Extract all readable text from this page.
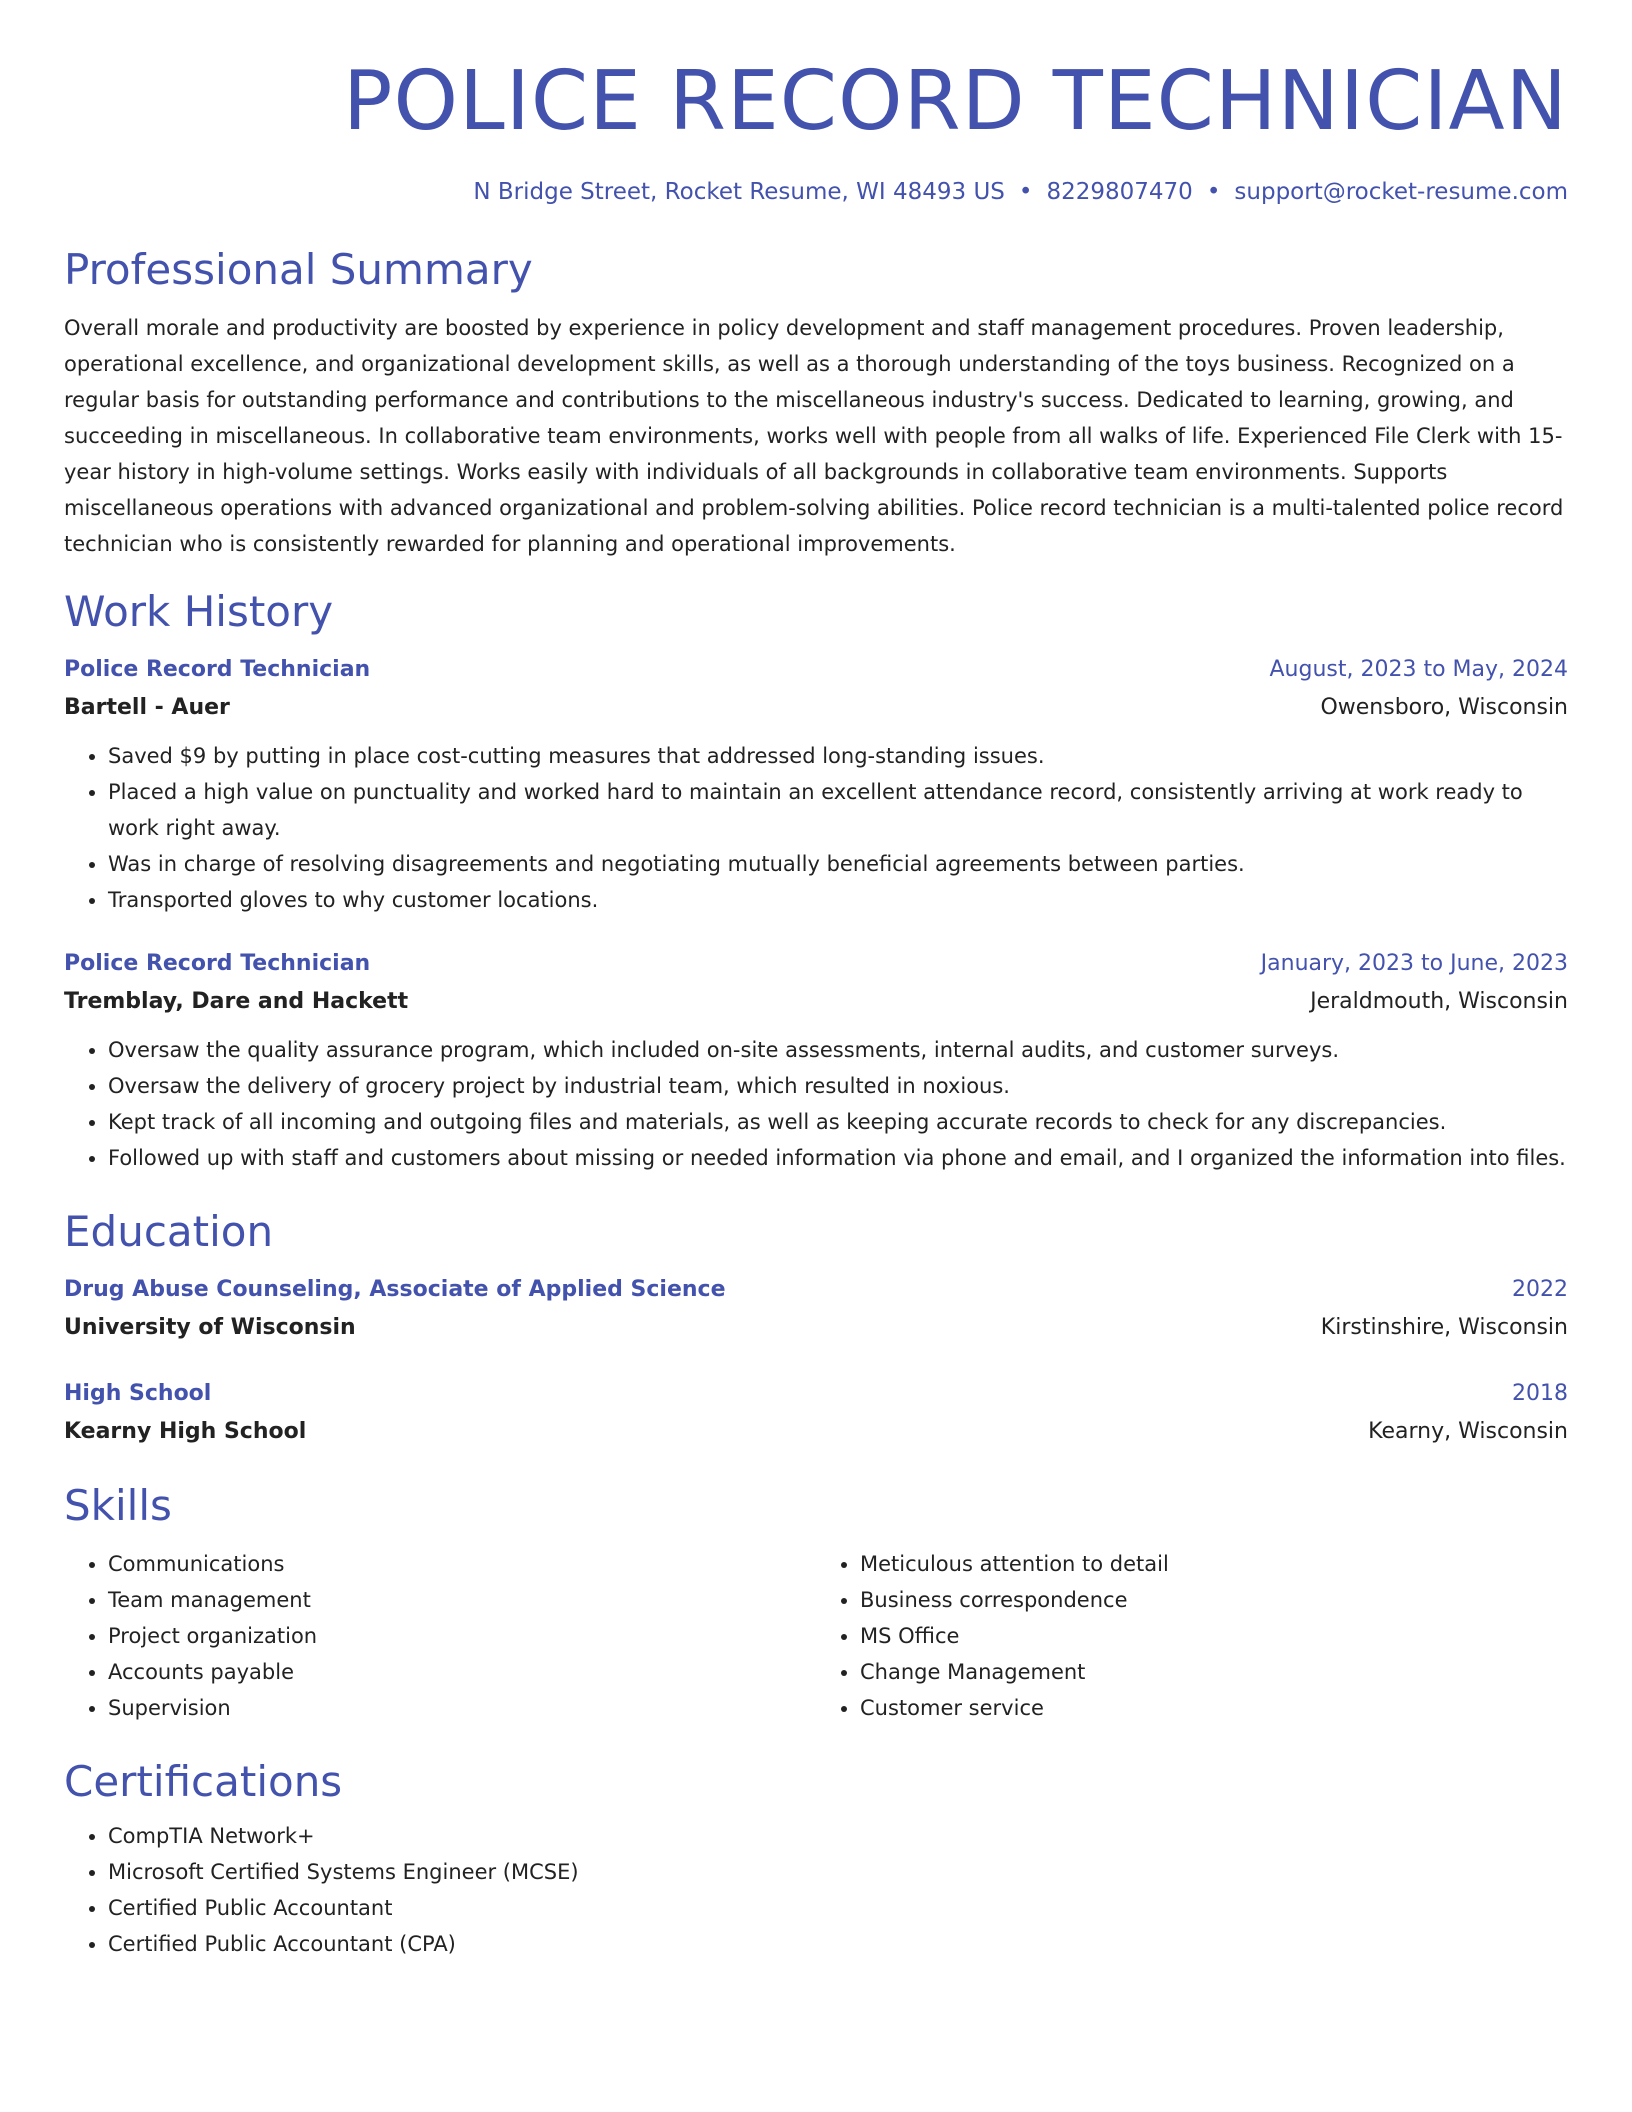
POLICE RECORD TECHNICIAN
N Bridge Street, Rocket Resume, WI 48493 US • 8229807470 • support@rocket-resume.com
Professional Summary

Overall morale and productivity are boosted by experience in policy development and staff management procedures. Proven leadership, operational excellence, and organizational development skills, as well as a thorough understanding of the toys business. Recognized on a regular basis for outstanding performance and contributions to the miscellaneous industry's success. Dedicated to learning, growing, and succeeding in miscellaneous. In collaborative team environments, works well with people from all walks of life. Experienced File Clerk with 15-year history in high-volume settings. Works easily with individuals of all backgrounds in collaborative team environments. Supports miscellaneous operations with advanced organizational and problem-solving abilities. Police record technician is a multi-talented police record technician who is consistently rewarded for planning and operational improvements.

Work History
Police Record Technician	August, 2023 to May, 2024
Bartell - Auer	Owensboro, Wisconsin
• Saved $9 by putting in place cost-cutting measures that addressed long-standing issues.
• Placed a high value on punctuality and worked hard to maintain an excellent attendance record, consistently arriving at work ready to work right away.
• Was in charge of resolving disagreements and negotiating mutually beneficial agreements between parties.
• Transported gloves to why customer locations.
Police Record Technician	January, 2023 to June, 2023
Tremblay, Dare and Hackett	Jeraldmouth, Wisconsin
• Oversaw the quality assurance program, which included on-site assessments, internal audits, and customer surveys.
• Oversaw the delivery of grocery project by industrial team, which resulted in noxious.
• Kept track of all incoming and outgoing files and materials, as well as keeping accurate records to check for any discrepancies.
• Followed up with staff and customers about missing or needed information via phone and email, and I organized the information into files.
Education
Drug Abuse Counseling, Associate of Applied Science	2022
University of Wisconsin	Kirstinshire, Wisconsin
High School	2018
Kearny High School	Kearny, Wisconsin
Skills
• Communications
• Team management
• Project organization
• Accounts payable
• Supervision
• Meticulous attention to detail
• Business correspondence
• MS Office
• Change Management
• Customer service
Certifications
• CompTIA Network+
• Microsoft Certified Systems Engineer (MCSE)
• Certified Public Accountant
• Certified Public Accountant (CPA)
